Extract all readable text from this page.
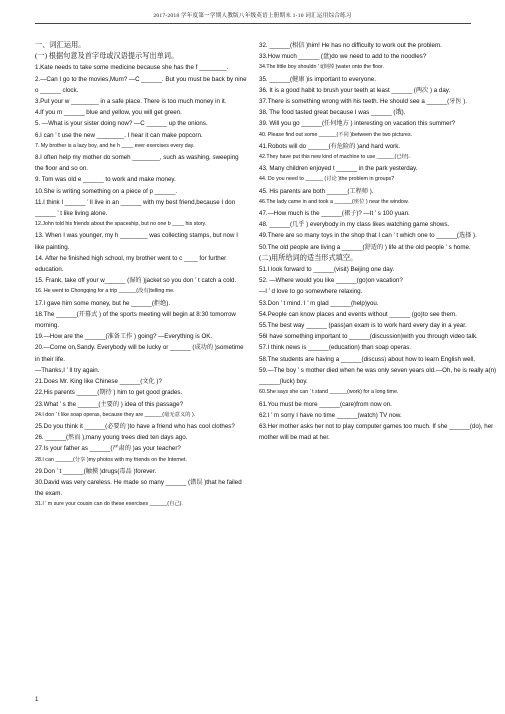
2017-2018 学年度第一学期人教版八年级英语上册期末 1-10 词汇运用综合练习

一、词汇运用。

(一) 根据句意及首字母或汉语提示写出单词。

1.Kate needs to take some medicine because she has the f ________.

2.—Can I go to the movies,Mum? —C ______. But you must be back by nine o ______ clock.

3.Put your w ________ in a safe place. There is too much money in it.

4.If you m ______ blue and yellow, you will get green.

5. —What is your sister doing now? —C ______ up the onions.

6.I can ’ t use the new ________. I hear it can make popcorn.

7. My brother is a lazy boy, and he h ____ ever exercises every day.

8.I often help my mother do someh ________, such as washing, sweeping the floor and so on.

9. Tom was old e ______ to work and make money.

10.She is writing something on a piece of p ______.

11.I think I ______ ’ ll live in an ______ with my best friend,because I don ______ ’ t like living alone.

12.John told his friends about the spaceship, but no one b ____ his story.

13. When I was younger, my h ________ was collecting stamps, but now I like painting.

14. After he finished high school, my brother went to c ____ for further education.

15. Frank, take off your w______ (湿的 )jacket so you don ’ t catch a cold.

16. He went to Chongqing for a trip ______(没有)telling me.

17.I gave him some money, but he ______(拒绝).

18.The ______(开幕式 ) of the sports meeting will begin at 8:30 tomorrow morning.

19.—How are the ______(准备工作 ) going? —Everything is OK.

20.—Come on,Sandy. Everybody will be lucky or ______ (成功的 )sometime in their life.

—Thanks,I ’ ll try again.

21.Does Mr. King like Chinese ______(文化 )?

22.His parents ______(期待 ) him to get good grades.

23.What ’ s the ______(主要的 ) idea of this passage?

24.I don ’ t like soap operas, because they are ______(毫无意义的 ).

25.Do you think it ______(必要的 )to have a friend who has cool clothes?

26. ______(然而 ),many young trees died ten days ago.

27.Is your father as ______(严肃的 )as your teacher?

28.I can ______(分享 )my photos with my friends on the Internet.

29.Don ’ t ______(触摸 )drugs(毒品 )forever.

30.David was very careless. He made so many ______ (错误 )that he failed the exam.

31.I ’ m sure your cousin can do these exercises ______(自己).

32. ______(相信 )him! He has no difficulty to work out the problem.

33.How much ______ (盘)do we need to add to the noodles?

34.The little boy shouldn ’ t(倒掉 )water onto the floor.

35. ______(健康 )is important to everyone.

36. It is a good habit to brush your teeth at least ______ (两次 ) a day.

37.There is something wrong with his teeth. He should see a ______(牙医 ).

38. The food tasted great because I was ______ (饿).

39. Will you go ______(任何地方 ) interesting on vacation this summer?

40. Please find out some ______(不同 )between the two pictures.

41.Robots will do ______(有危险的 )and hard work.

42.They have put this new kind of machine to use ______(已经).

43. Many children enjoyed t ______ in the park yesterday.

44. Do you need to ______ (讨论 )the problem in groups?

45. His parents are both ______(工程师 ).

46.The lady came in and took a ______(座位 ) near the window.

47.—How much is the ______(裙子)? —It ’ s 100 yuan.

48. ______(几乎 ) everybody in my class likes watching game shows.

49.There are so many toys in the shop that I can ’ t which one to ______(选择 ).

50.The old people are living a ______(舒适的 ) life at the old people ’ s home.

(二)用所给词的适当形式填空。

51.I look forward to ______(visit) Beijing one day.

52. —Where would you like ______(go)on vacation?

—I ’ d love to go somewhere relaxing.

53.Don ’ t mind. I ’ m glad ______(help)you.

54.People can know places and events without ______ (go)to see them.

55.The best way ______ (pass)an exam is to work hard every day in a year.

56I have something important to ______(discussion)with you through video talk.

57.I think news is ______(education) than soap operas.

58.The students are having a ______(discuss) about how to learn English well.

59.—The boy ’ s mother died when he was only seven years old.—Oh, he is really a(n) ______(luck) boy.

60.She says she can ’ t stand ______(work) for a long time.

61.You must be more ______(care)from now on.

62.I ’ m sorry I have no time ______(watch) TV now.

63.Her mother asks her not to play computer games too much. If she ______(do), her mother will be mad at her.

1
